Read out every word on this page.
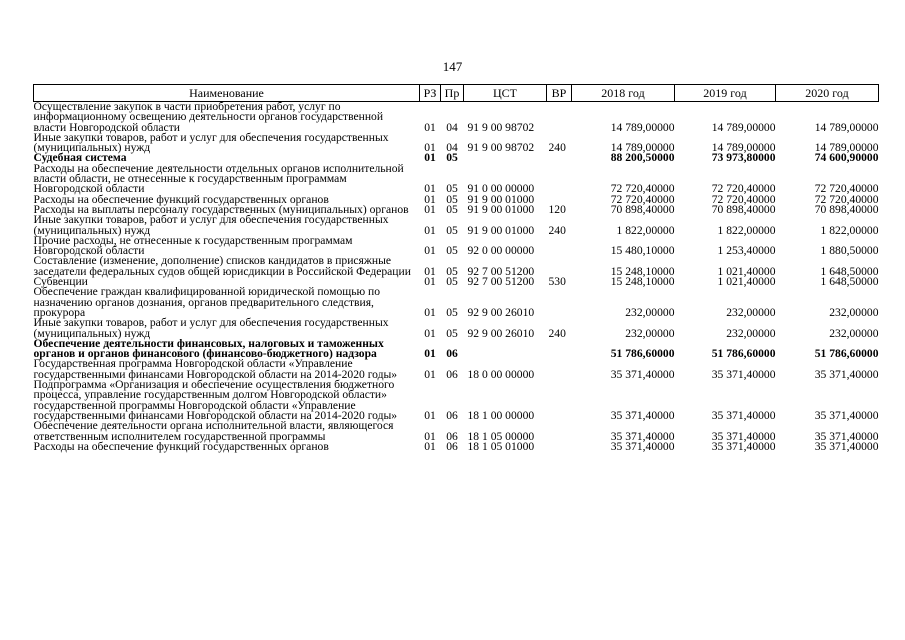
147
Наименование	РЗ	Пр	ЦСТ	ВР	2018 год	2019 год	2020 год
Осуществление закупок в части приобретения работ, услуг по информационному освещению деятельности органов государственной власти Новгородской области	01	04	91 9 00 98702		14 789,00000	14 789,00000	14 789,00000
Иные закупки товаров, работ и услуг для обеспечения государственных (муниципальных) нужд	01	04	91 9 00 98702	240	14 789,00000	14 789,00000	14 789,00000
Судебная система	01	05			88 200,50000	73 973,80000	74 600,90000
Расходы на обеспечение деятельности отдельных органов исполнительной власти области, не отнесенные к государственным программам Новгородской области	01	05	91 0 00 00000		72 720,40000	72 720,40000	72 720,40000
Расходы на обеспечение функций государственных органов	01	05	91 9 00 01000		72 720,40000	72 720,40000	72 720,40000
Расходы на выплаты персоналу государственных (муниципальных) органов	01	05	91 9 00 01000	120	70 898,40000	70 898,40000	70 898,40000
Иные закупки товаров, работ и услуг для обеспечения государственных (муниципальных) нужд	01	05	91 9 00 01000	240	1 822,00000	1 822,00000	1 822,00000
Прочие расходы, не отнесенные к государственным программам Новгородской области	01	05	92 0 00 00000		15 480,10000	1 253,40000	1 880,50000
Составление (изменение, дополнение) списков кандидатов в присяжные заседатели федеральных судов общей юрисдикции в Российской Федерации	01	05	92 7 00 51200		15 248,10000	1 021,40000	1 648,50000
Субвенции	01	05	92 7 00 51200	530	15 248,10000	1 021,40000	1 648,50000
Обеспечение граждан квалифицированной юридической помощью по назначению органов дознания, органов предварительного следствия, прокурора	01	05	92 9 00 26010		232,00000	232,00000	232,00000
Иные закупки товаров, работ и услуг для обеспечения государственных (муниципальных) нужд	01	05	92 9 00 26010	240	232,00000	232,00000	232,00000
Обеспечение деятельности финансовых, налоговых и таможенных органов и органов финансового (финансово-бюджетного) надзора	01	06			51 786,60000	51 786,60000	51 786,60000
Государственная программа Новгородской области «Управление государственными финансами Новгородской области на 2014-2020 годы»	01	06	18 0 00 00000		35 371,40000	35 371,40000	35 371,40000
Подпрограмма «Организация и обеспечение осуществления бюджетного процесса, управление государственным долгом Новгородской области» государственной программы Новгородской области «Управление государственными финансами Новгородской области на 2014-2020 годы»	01	06	18 1 00 00000		35 371,40000	35 371,40000	35 371,40000
Обеспечение деятельности органа исполнительной власти, являющегося ответственным исполнителем государственной программы	01	06	18 1 05 00000		35 371,40000	35 371,40000	35 371,40000
Расходы на обеспечение функций государственных органов	01	06	18 1 05 01000		35 371,40000	35 371,40000	35 371,40000
